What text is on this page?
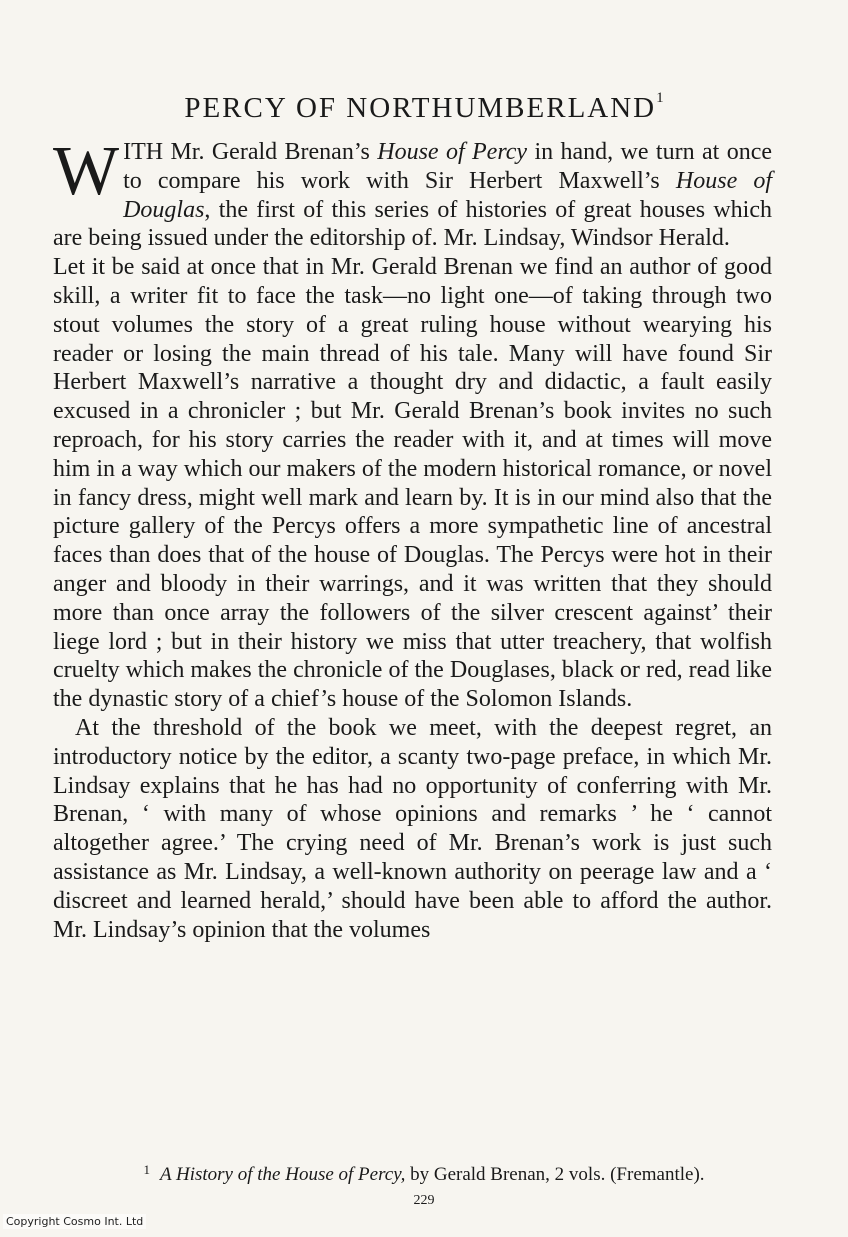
PERCY OF NORTHUMBERLAND$^1$

WITH Mr. Gerald Brenan’s House of Percy in hand, we turn at once to compare his work with Sir Herbert Maxwell’s House of Douglas, the first of this series of histories of great houses which are being issued under the editorship of. Mr. Lindsay, Windsor Herald.

Let it be said at once that in Mr. Gerald Brenan we find an author of good skill, a writer fit to face the task—no light one—of taking through two stout volumes the story of a great ruling house without wearying his reader or losing the main thread of his tale. Many will have found Sir Herbert Maxwell’s narrative a thought dry and didactic, a fault easily excused in a chronicler ; but Mr. Gerald Brenan’s book invites no such reproach, for his story carries the reader with it, and at times will move him in a way which our makers of the modern historical romance, or novel in fancy dress, might well mark and learn by. It is in our mind also that the picture gallery of the Percys offers a more sympathetic line of ancestral faces than does that of the house of Douglas. The Percys were hot in their anger and bloody in their warrings, and it was written that they should more than once array the followers of the silver crescent against’ their liege lord ; but in their history we miss that utter treachery, that wolfish cruelty which makes the chronicle of the Douglases, black or red, read like the dynastic story of a chief’s house of the Solomon Islands.

At the threshold of the book we meet, with the deepest regret, an introductory notice by the editor, a scanty two-page preface, in which Mr. Lindsay explains that he has had no opportunity of conferring with Mr. Brenan, ‘ with many of whose opinions and remarks ’ he ‘ cannot altogether agree.’ The crying need of Mr. Brenan’s work is just such assistance as Mr. Lindsay, a well-known authority on peerage law and a ‘ discreet and learned herald,’ should have been able to afford the author. Mr. Lindsay’s opinion that the volumes

$^1$ A History of the House of Percy, by Gerald Brenan, 2 vols. (Fremantle).
229
Copyright Cosmo Int. Ltd
